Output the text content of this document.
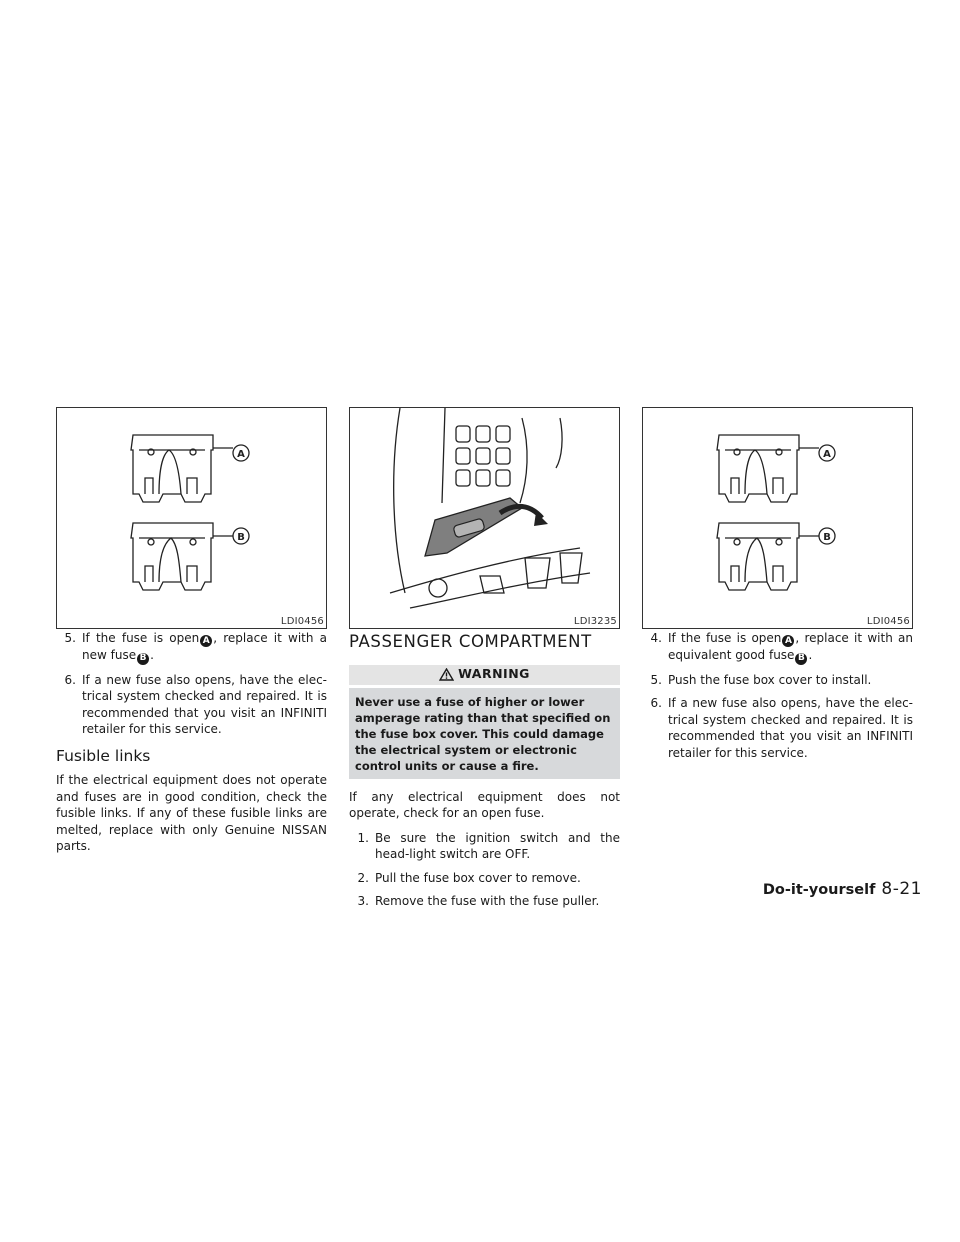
A
B
LDI0456	LDI3235
A
B
LDI0456
5. If the fuse is open A , replace it with a new fuse B .
6. If a new fuse also opens, have the elec-trical system checked and repaired. It is recommended that you visit an INFINITI retailer for this service.
Fusible links

If the electrical equipment does not operate and fuses are in good condition, check the fusible links. If any of these fusible links are melted, replace with only Genuine NISSAN parts.

PASSENGER COMPARTMENT
WARNING
Never use a fuse of higher or lower amperage rating than that specified on the fuse box cover. This could damage the electrical system or electronic control units or cause a fire.

If any electrical equipment does not operate, check for an open fuse.

1. Be sure the ignition switch and the head-light switch are OFF.
2. Pull the fuse box cover to remove.
3. Remove the fuse with the fuse puller.
4. If the fuse is open A , replace it with an equivalent good fuse B .
5. Push the fuse box cover to install.
6. If a new fuse also opens, have the elec-trical system checked and repaired. It is recommended that you visit an INFINITI retailer for this service.
Do-it-yourself 8-21
